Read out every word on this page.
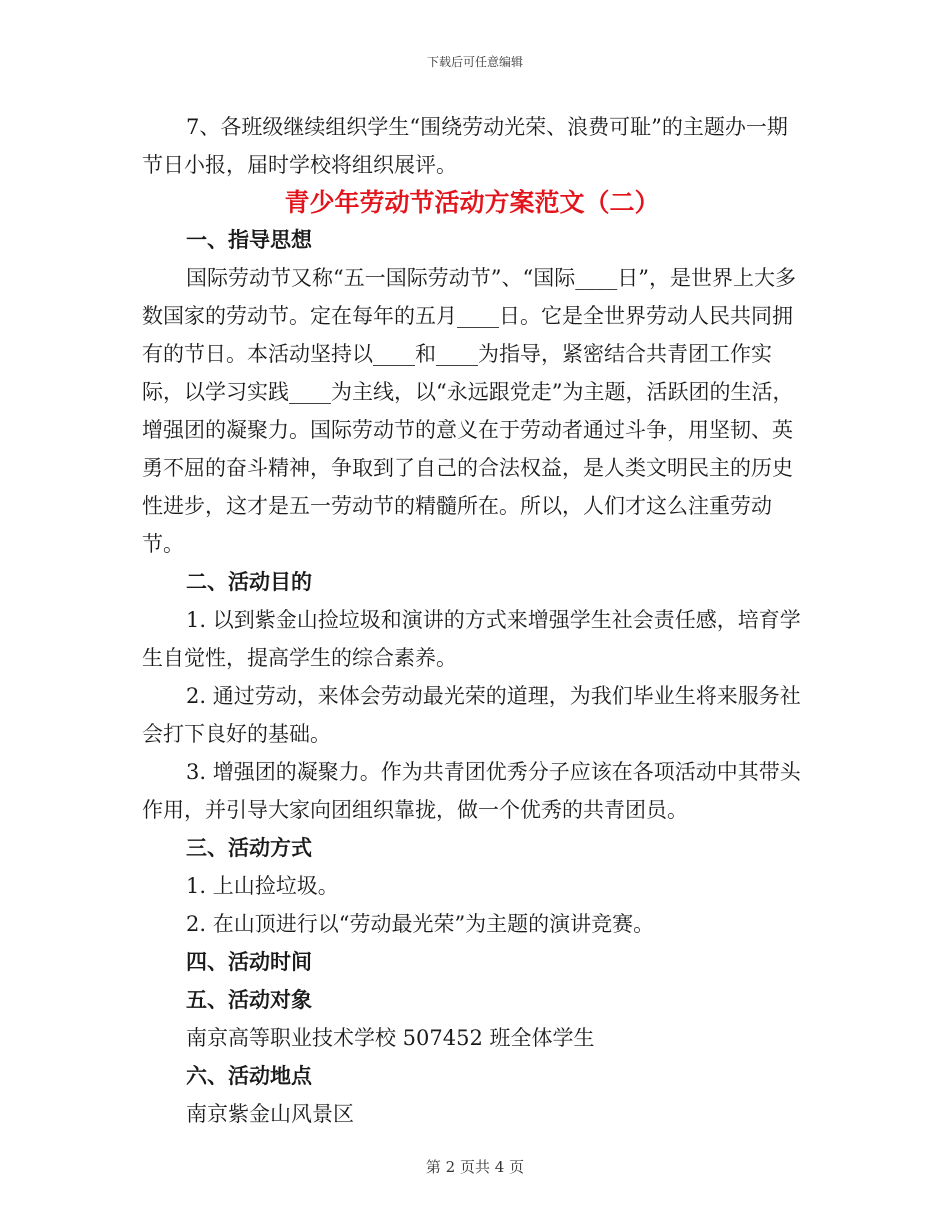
下载后可任意编辑

7、各班级继续组织学生“围绕劳动光荣、浪费可耻”的主题办一期节日小报，届时学校将组织展评。

青少年劳动节活动方案范文（二）

一、指导思想

国际劳动节又称“五一国际劳动节”、“国际____日”，是世界上大多数国家的劳动节。定在每年的五月____日。它是全世界劳动人民共同拥有的节日。本活动坚持以____和____为指导，紧密结合共青团工作实际，以学习实践____为主线，以“永远跟党走”为主题，活跃团的生活，增强团的凝聚力。国际劳动节的意义在于劳动者通过斗争，用坚韧、英勇不屈的奋斗精神，争取到了自己的合法权益，是人类文明民主的历史性进步，这才是五一劳动节的精髓所在。所以，人们才这么注重劳动节。

二、活动目的

1. 以到紫金山捡垃圾和演讲的方式来增强学生社会责任感，培育学生自觉性，提高学生的综合素养。

2. 通过劳动，来体会劳动最光荣的道理，为我们毕业生将来服务社会打下良好的基础。

3. 增强团的凝聚力。作为共青团优秀分子应该在各项活动中其带头作用，并引导大家向团组织靠拢，做一个优秀的共青团员。

三、活动方式

1. 上山捡垃圾。

2. 在山顶进行以“劳动最光荣”为主题的演讲竞赛。

四、活动时间

五、活动对象

南京高等职业技术学校 507452 班全体学生

六、活动地点

南京紫金山风景区

第 2 页共 4 页
